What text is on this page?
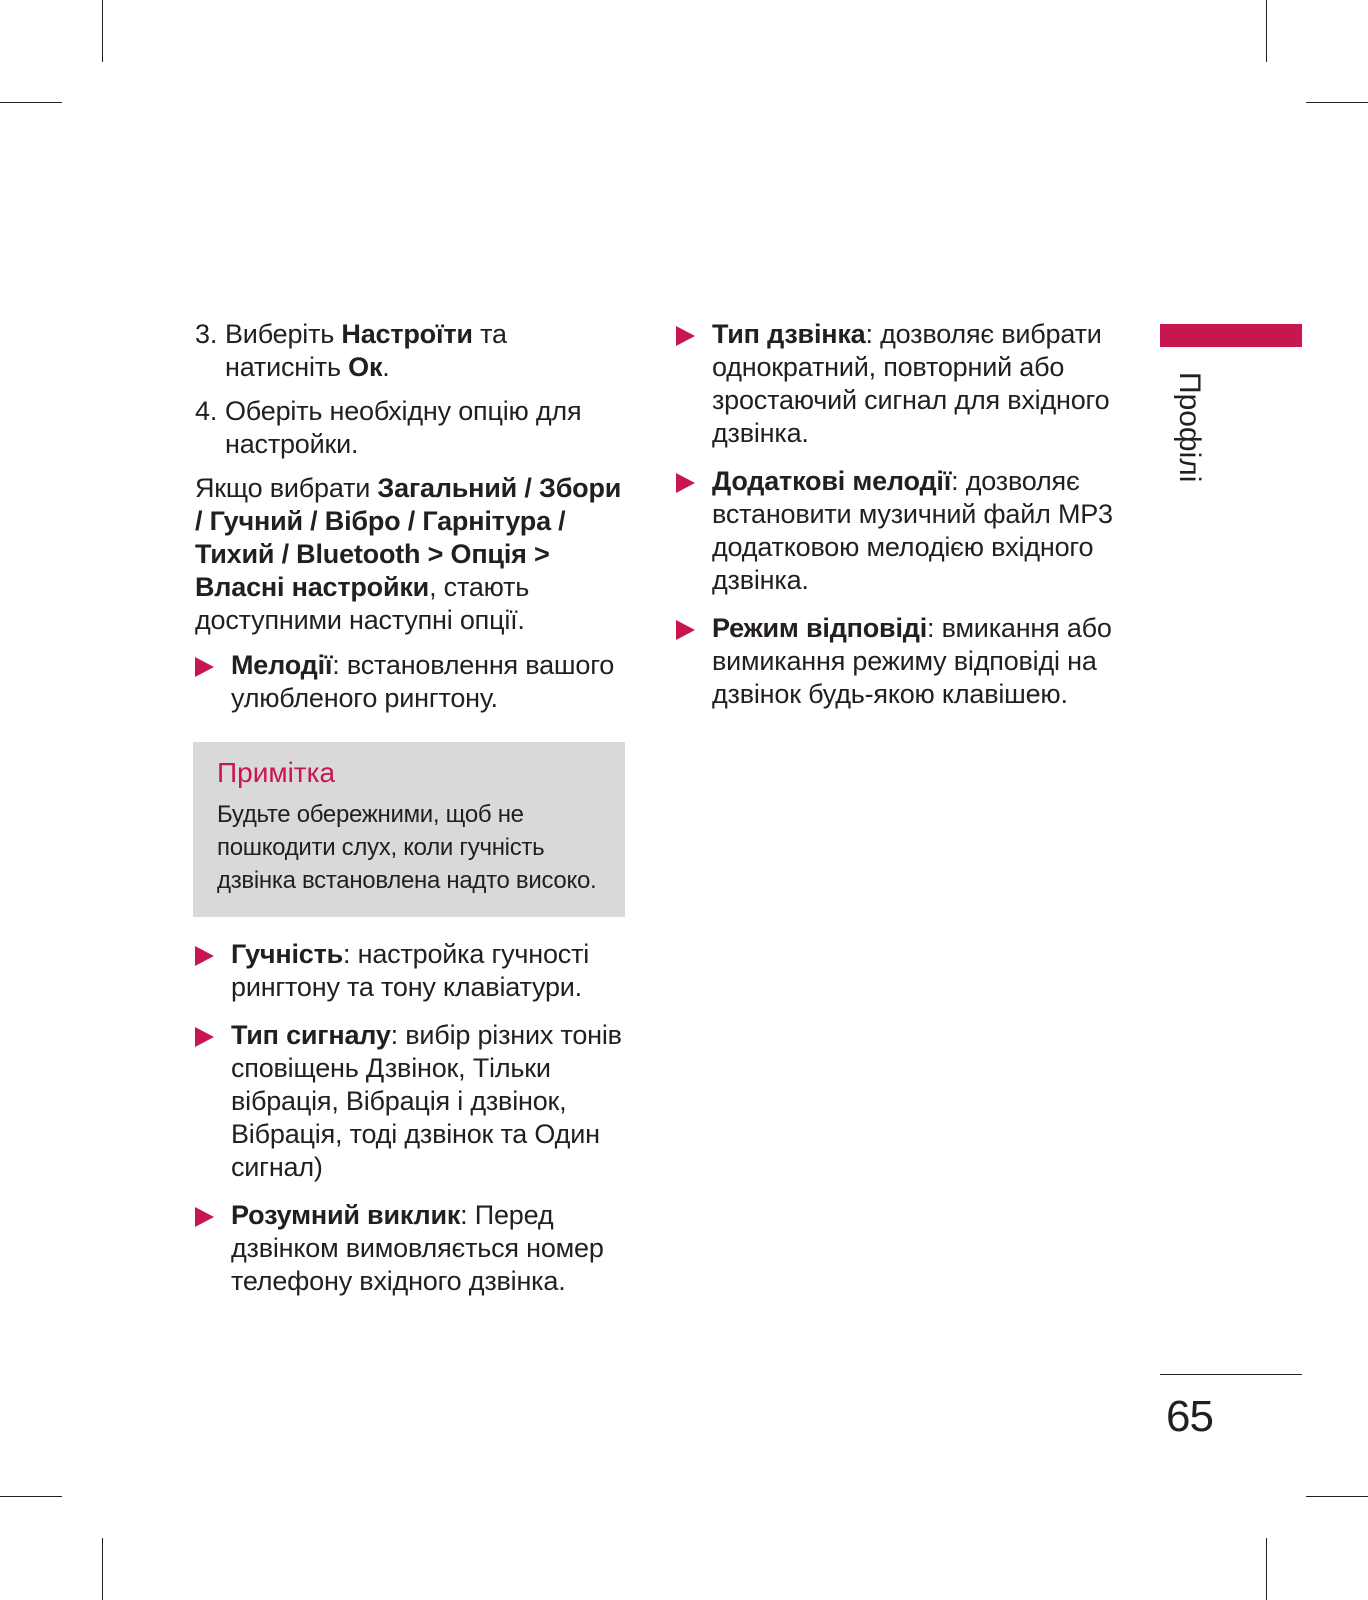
3. Виберіть Настроїти та натисніть Ок.
4. Оберіть необхідну опцію для настройки.
Якщо вибрати Загальний / Збори / Гучний / Вібро / Гарнітура / Тихий / Bluetooth > Опція > Власні настройки, стають доступними наступні опції.
Мелодії: встановлення вашого улюбленого рингтону.
Примітка
Будьте обережними, щоб не пошкодити слух, коли гучність дзвінка встановлена надто високо.
Гучність: настройка гучності рингтону та тону клавіатури.
Тип сигналу: вибір різних тонів сповіщень Дзвінок, Тільки вібрація, Вібрація і дзвінок, Вібрація, тоді дзвінок та Один сигнал)
Розумний виклик: Перед дзвінком вимовляється номер телефону вхідного дзвінка.
Тип дзвінка: дозволяє вибрати однократний, повторний або зростаючий сигнал для вхідного дзвінка.
Додаткові мелодії: дозволяє встановити музичний файл MP3 додатковою мелодією вхідного дзвінка.
Режим відповіді: вмикання або вимикання режиму відповіді на дзвінок будь-якою клавішею.
Профілі
65
